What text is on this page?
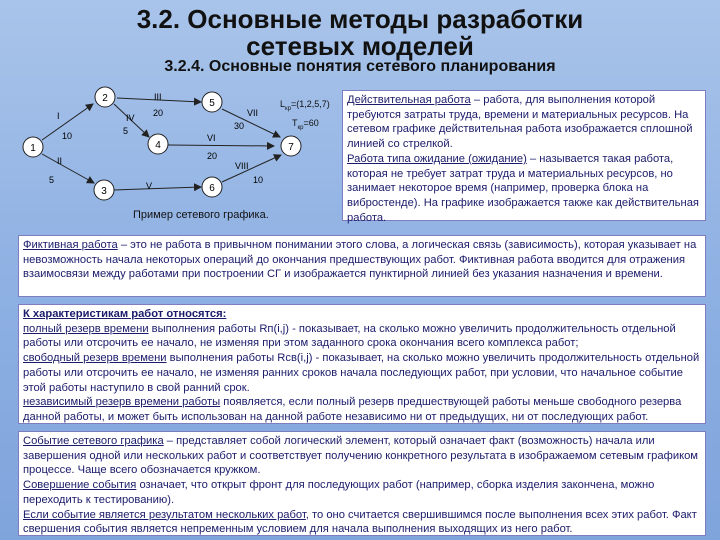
3.2. Основные методы разработки
сетевых моделей
3.2.4. Основные понятия сетевого планирования
1
2
3
4
5
6
7
I
10
II
5
IV
5
III
20
V
VI
20
VII
30
VIII
10
$L_{кр}=(1,2,5,7)$
$T_{кр}=60$
Пример сетевого графика.
Действительная работа – работа, для выполнения которой требуются затраты труда, времени и материальных ресурсов. На сетевом графике действительная работа изображается сплошной линией со стрелкой.
Работа типа ожидание (ожидание) – называется такая работа, которая не требует затрат труда и материальных ресурсов, но занимает некоторое время (например, проверка блока на вибростенде). На графике изображается также как действительная работа.
Фиктивная работа – это не работа в привычном понимании этого слова, а логическая связь (зависимость), которая указывает на невозможность начала некоторых операций до окончания предшествующих работ. Фиктивная работа вводится для отражения взаимосвязи между работами при построении СГ и изображается пунктирной линией без указания назначения и времени.
К характеристикам работ относятся:
полный резерв времени выполнения работы Rп(i,j) - показывает, на сколько можно увеличить продолжительность отдельной работы или отсрочить ее начало, не изменяя при этом заданного срока окончания всего комплекса работ;
свободный резерв времени выполнения работы Rсв(i,j) - показывает, на сколько можно увеличить продолжительность отдельной работы или отсрочить ее начало, не изменяя ранних сроков начала последующих работ, при условии, что начальное событие этой работы наступило в свой ранний срок.
независимый резерв времени работы появляется, если полный резерв предшествующей работы меньше свободного резерва данной работы, и может быть использован на данной работе независимо ни от предыдущих, ни от последующих работ.
Событие сетевого графика – представляет собой логический элемент, который означает факт (возможность) начала или завершения одной или нескольких работ и соответствует получению конкретного результата в изображаемом сетевым графиком процессе. Чаще всего обозначается кружком.
Совершение события означает, что открыт фронт для последующих работ (например, сборка изделия закончена, можно переходить к тестированию).
Если событие является результатом нескольких работ, то оно считается свершившимся после выполнения всех этих работ. Факт свершения события является непременным условием для начала выполнения выходящих из него работ.
